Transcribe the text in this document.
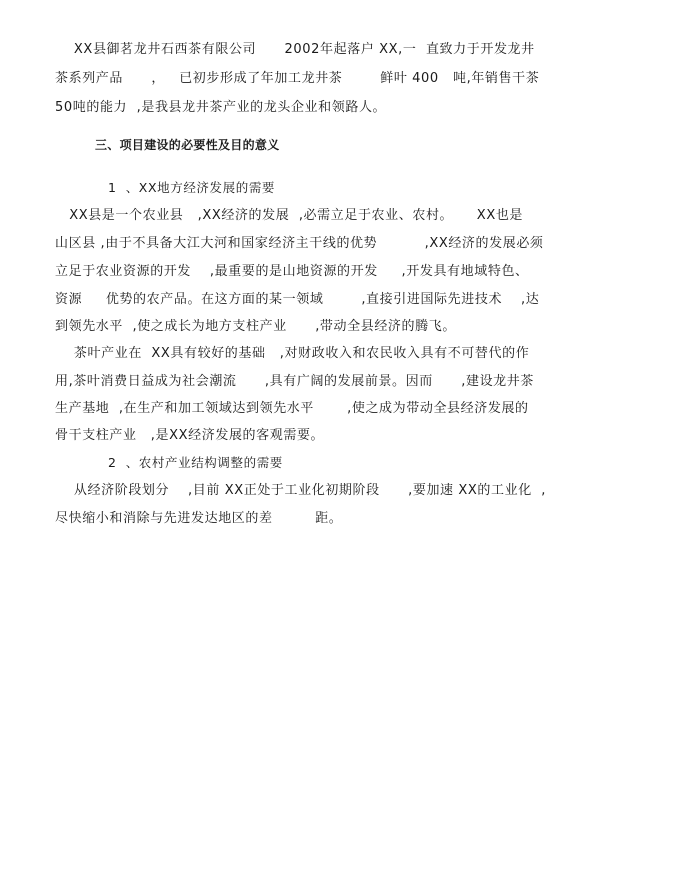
XX县御茗龙井石西茶有限公司      2002年起落户 XX,一  直致力于开发龙井
茶系列产品      ，   已初步形成了年加工龙井茶        鲜叶 400   吨,年销售干茶
50吨的能力  ,是我县龙井茶产业的龙头企业和领路人。
三、项目建设的必要性及目的意义
1  、XX地方经济发展的需要
XX县是一个农业县   ,XX经济的发展  ,必需立足于农业、农村。     XX也是
山区县 ,由于不具备大江大河和国家经济主干线的优势          ,XX经济的发展必须
立足于农业资源的开发    ,最重要的是山地资源的开发     ,开发具有地域特色、
资源     优势的农产品。在这方面的某一领域        ,直接引进国际先进技术    ,达
到领先水平  ,使之成长为地方支柱产业      ,带动全县经济的腾飞。
茶叶产业在  XX具有较好的基础   ,对财政收入和农民收入具有不可替代的作
用,茶叶消费日益成为社会潮流      ,具有广阔的发展前景。因而      ,建设龙井茶
生产基地  ,在生产和加工领域达到领先水平       ,使之成为带动全县经济发展的
骨干支柱产业   ,是XX经济发展的客观需要。
2  、农村产业结构调整的需要
从经济阶段划分    ,目前 XX正处于工业化初期阶段      ,要加速 XX的工业化  ,
尽快缩小和消除与先进发达地区的差         距。
